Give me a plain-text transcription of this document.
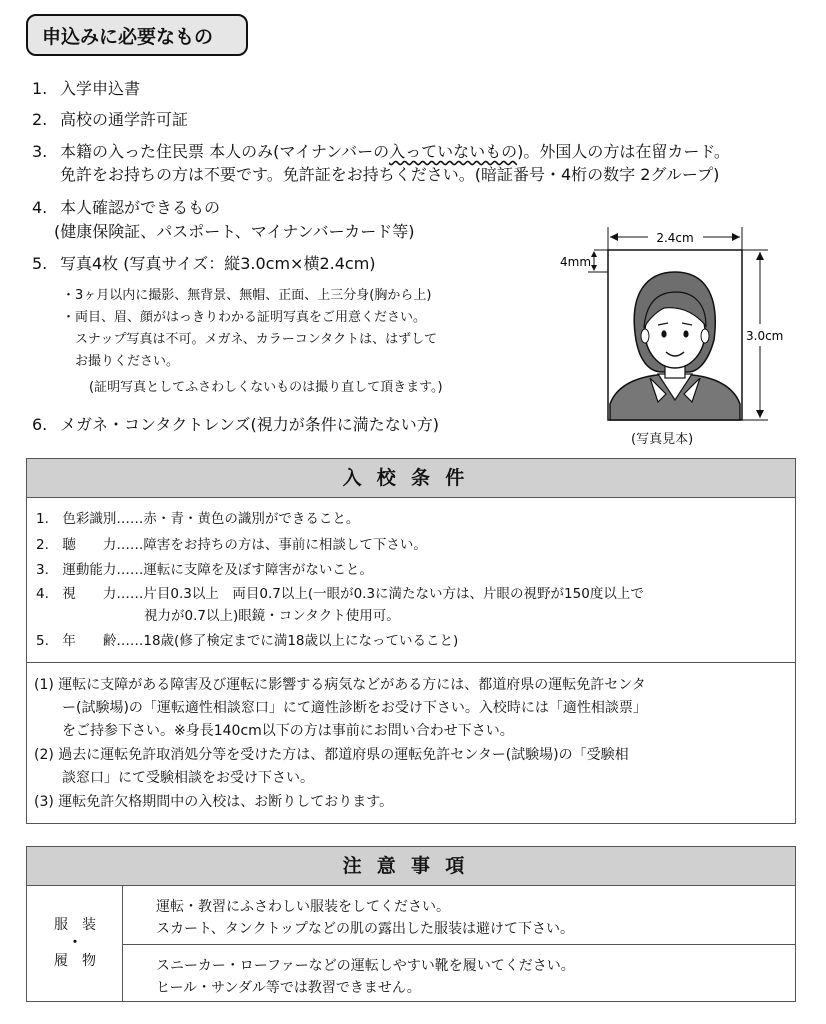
申込みに必要なもの
1. 入学申込書
2. 高校の通学許可証
3. 本籍の入った住民票 本人のみ(マイナンバーの入っていないもの)。外国人の方は在留カード。
免許をお持ちの方は不要です。免許証をお持ちください。(暗証番号・4桁の数字 2グループ)
4. 本人確認ができるもの
(健康保険証、パスポート、マイナンバーカード等)
5. 写真4枚 (写真サイズ：縦3.0cm×横2.4cm)
・3ヶ月以内に撮影、無背景、無帽、正面、上三分身(胸から上)
・両目、眉、顔がはっきりわかる証明写真をご用意ください。
　スナップ写真は不可。メガネ、カラーコンタクトは、はずして
　お撮りください。
　(証明写真としてふさわしくないものは撮り直して頂きます。)
6. メガネ・コンタクトレンズ(視力が条件に満たない方)
2.4cm
4mm
3.0cm
(写真見本)
入校条件
1.　色彩識別……赤・青・黄色の識別ができること。
2.　聴　　力……障害をお持ちの方は、事前に相談して下さい。
3.　運動能力……運転に支障を及ぼす障害がないこと。
4.　視　　力……片目0.3以上　両目0.7以上(一眼が0.3に満たない方は、片眼の視野が150度以上で
　　　　　　　　視力が0.7以上)眼鏡・コンタクト使用可。
5.　年　　齢……18歳(修了検定までに満18歳以上になっていること)
(1) 運転に支障がある障害及び運転に影響する病気などがある方には、都道府県の運転免許センタ
　　ー(試験場)の「運転適性相談窓口」にて適性診断をお受け下さい。入校時には「適性相談票」
　　をご持参下さい。※身長140cm以下の方は事前にお問い合わせ下さい。
(2) 過去に運転免許取消処分等を受けた方は、都道府県の運転免許センター(試験場)の「受験相
　　談窓口」にて受験相談をお受け下さい。
(3) 運転免許欠格期間中の入校は、お断りしております。
注意事項
服　装
・
履　物
運転・教習にふさわしい服装をしてください。
スカート、タンクトップなどの肌の露出した服装は避けて下さい。
スニーカー・ローファーなどの運転しやすい靴を履いてください。
ヒール・サンダル等では教習できません。
